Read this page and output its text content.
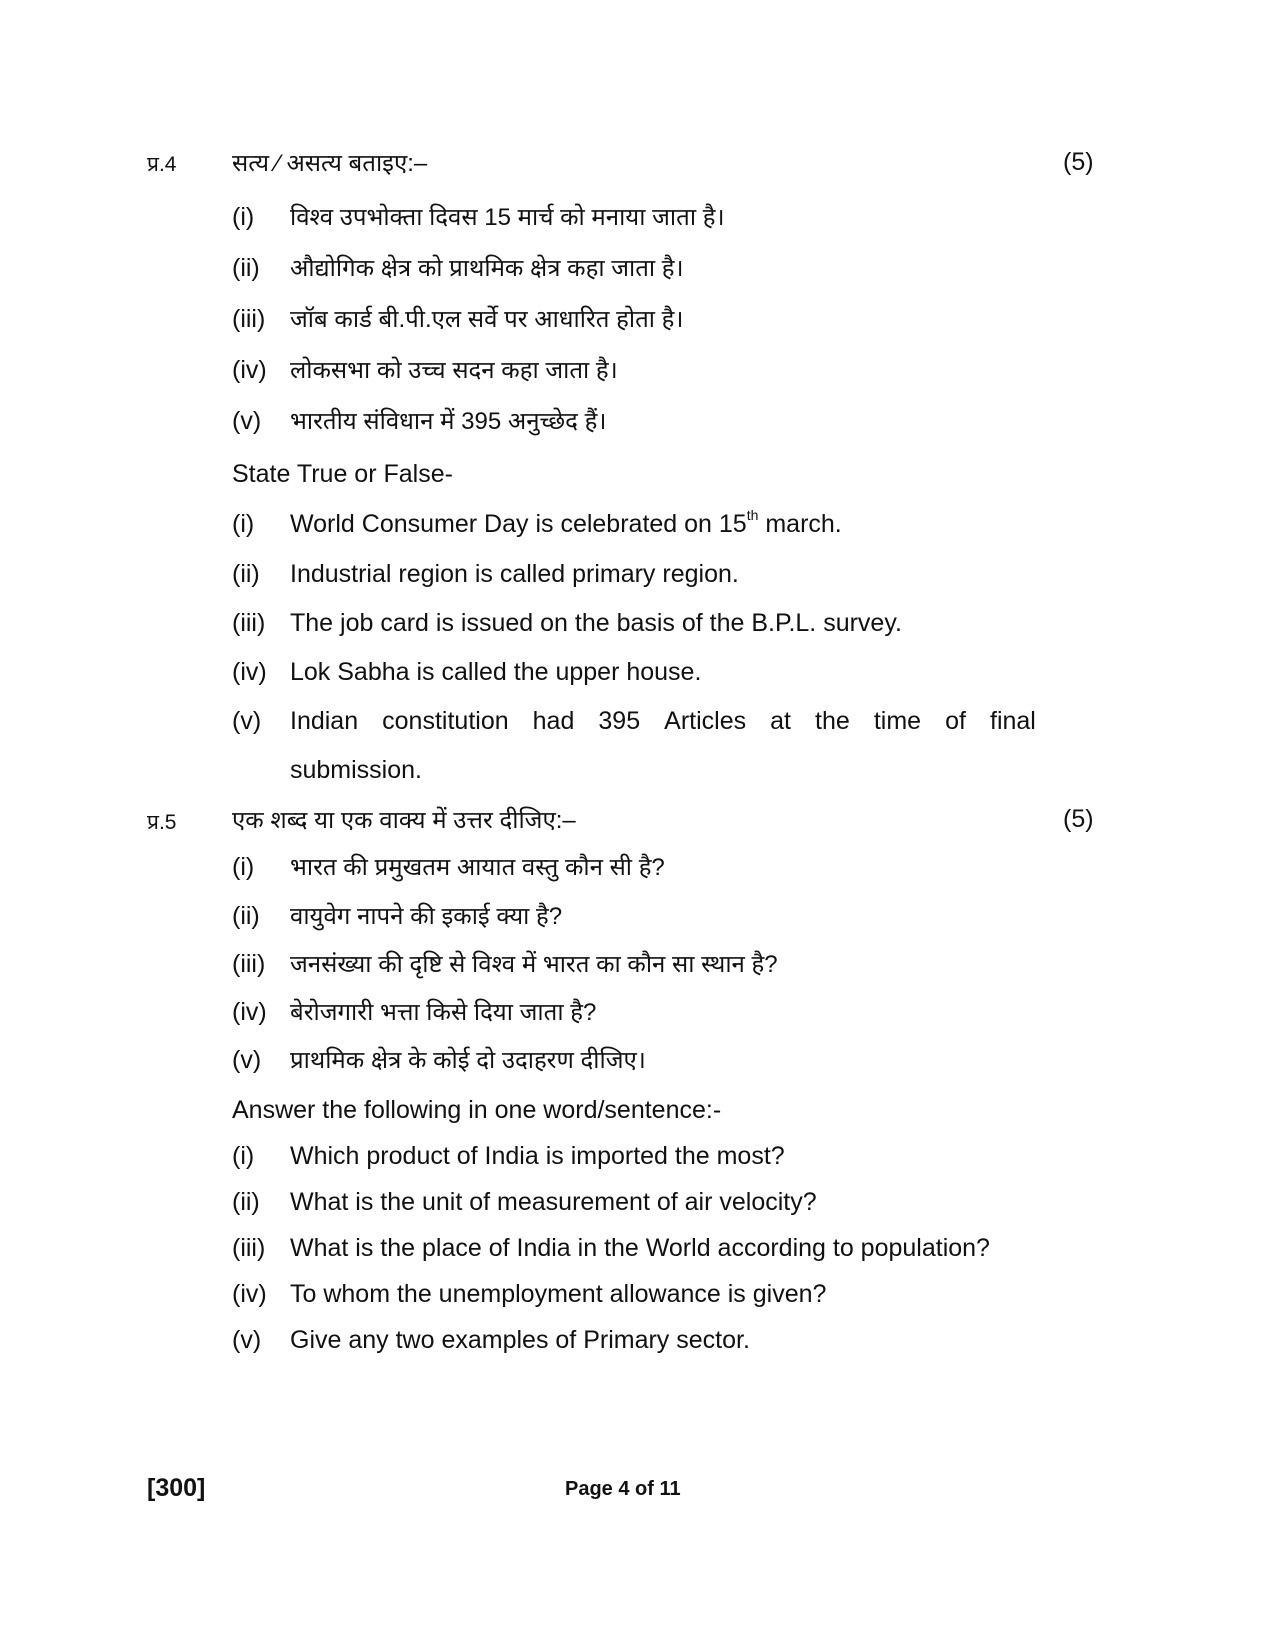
प्र.4 सत्य ⁄ असत्य बताइए:–	(5)
(i) विश्व उपभोक्ता दिवस 15 मार्च को मनाया जाता है।
(ii) औद्योगिक क्षेत्र को प्राथमिक क्षेत्र कहा जाता है।
(iii) जॉब कार्ड बी.पी.एल सर्वे पर आधारित होता है।
(iv) लोकसभा को उच्च सदन कहा जाता है।
(v) भारतीय संविधान में 395 अनुच्छेद हैं।
State True or False-
(i) World Consumer Day is celebrated on 15th march.
(ii) Industrial region is called primary region.
(iii) The job card is issued on the basis of the B.P.L. survey.
(iv) Lok Sabha is called the upper house.
(v) Indian constitution had 395 Articles at the time of final
submission.
प्र.5 एक शब्द या एक वाक्य में उत्तर दीजिए:–	(5)
(i) भारत की प्रमुखतम आयात वस्तु कौन सी है?
(ii) वायुवेग नापने की इकाई क्या है?
(iii) जनसंख्या की दृष्टि से विश्व में भारत का कौन सा स्थान है?
(iv) बेरोजगारी भत्ता किसे दिया जाता है?
(v) प्राथमिक क्षेत्र के कोई दो उदाहरण दीजिए।
Answer the following in one word/sentence:-
(i) Which product of India is imported the most?
(ii) What is the unit of measurement of air velocity?
(iii) What is the place of India in the World according to population?
(iv) To whom the unemployment allowance is given?
(v) Give any two examples of Primary sector.
[300]	Page 4 of 11
